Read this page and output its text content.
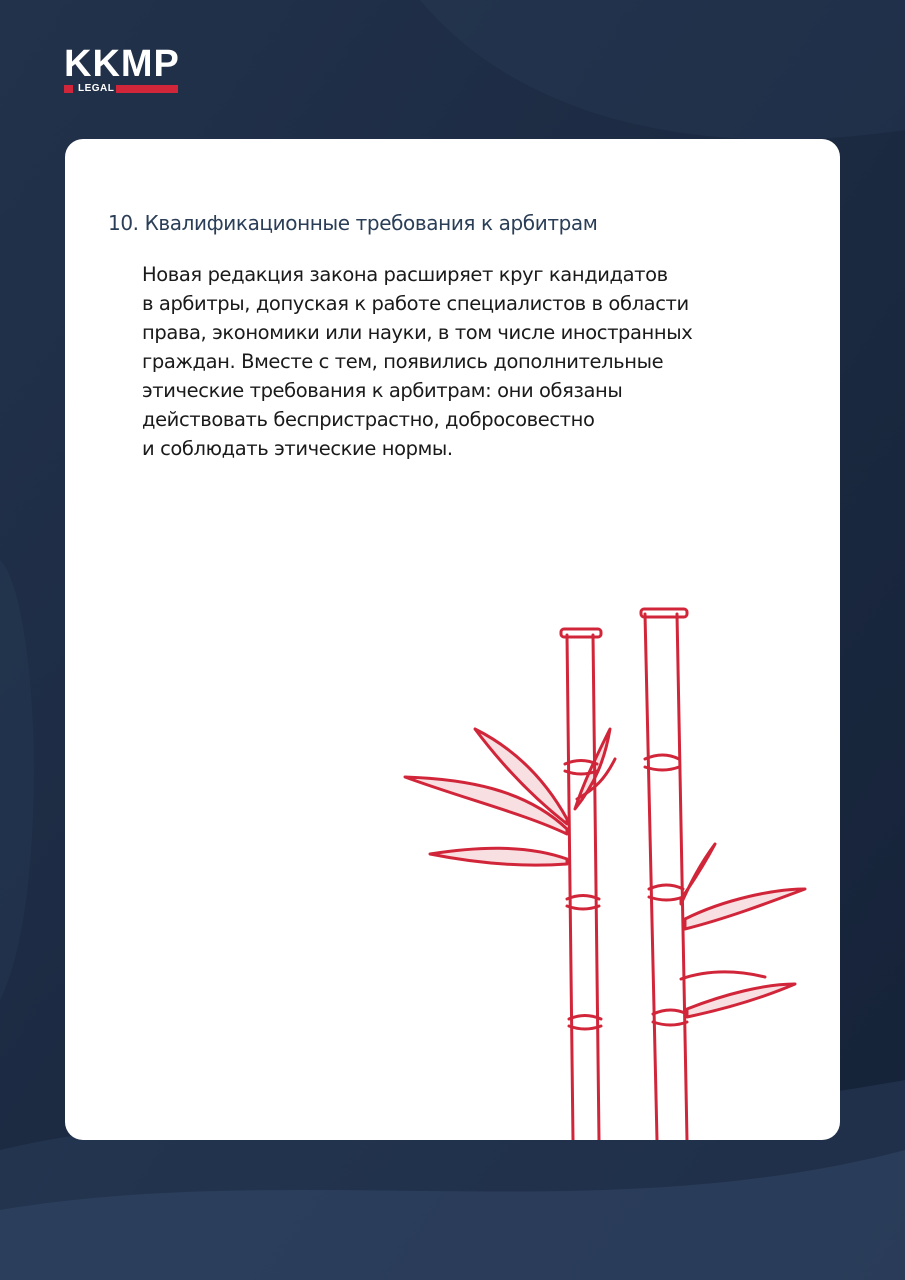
KKMP
LEGAL
10. Квалификационные требования к арбитрам
Новая редакция закона расширяет круг кандидатов
в арбитры, допуская к работе специалистов в области
права, экономики или науки, в том числе иностранных
граждан. Вместе с тем, появились дополнительные
этические требования к арбитрам: они обязаны
действовать беспристрастно, добросовестно
и соблюдать этические нормы.
